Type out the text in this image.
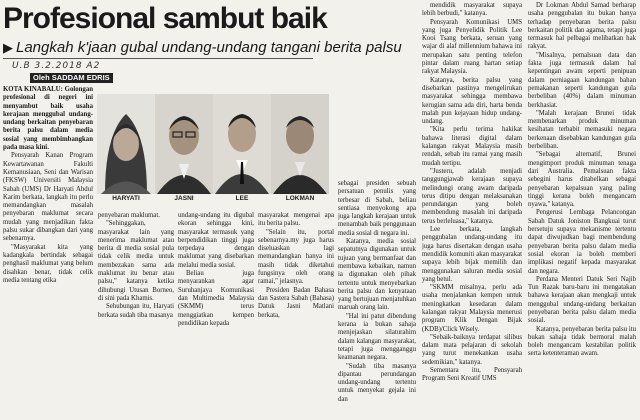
Profesional sambut baik
▶ Langkah k'jaan gubal undang-undang tangani berita palsu
U.B 3.2.2018 A2
Oleh SADDAM EDRIS
HARYATI	JASNI	LEE	LOKMAN

KOTA KINABALU: Golongan profesional di negeri ini menyambut baik usaha kerajaan menggubal undang-undang berkaitan penyebaran berita palsu dalam media sosial yang membimbangkan pada masa kini.

Pensyarah Kanan Program Kewartawanan Fakulti Kemanusiaan, Seni dan Warisan (FKSW) Universiti Malaysia Sabah (UMS) Dr Haryati Abdul Karim berkata, langkah itu perlu memandangkan masalah penyebaran maklumat secara mudah yang menjadikan fakta palsu sukar dibangkan dari yang sebenarnya.

"Masyarakat kita yang kadangkala bertindak sebagai penghasil maklumat yang belum disahkan benar, tidak celik media tentang etika

penyebaran maklumat.

"Sehinggakan, masyarakat lain yang menerima maklumat atau berita di media sosial pula tidak celik media untuk membezakan sama ada maklumat itu benar atau palsu," katanya ketika dihubungi Utusan Borneo, di sini pada Khamis.

Sehubungan itu, Haryati berkata sudah tiba masanya

undang-undang itu digubal ekoran sehingga kini, masyarakat termasuk yang berpendidikan tinggi juga terpedaya dengan maklumat yang disebarkan melalui media sosial.

Beliau juga menyarankan agar Suruhanjaya Komunikasi dan Multimedia Malaysia (SKMM) terus menggiatkan kempen pendidikan kepada

masyarakat mengenai apa itu berita palsu.

"Selain itu, portal sebenarnya.my juga harus diseluaskan lagi memandangkan hanya ini masih tidak diketahui fungsinya oleh orang ramai," jelasnya.

Presiden Badan Bahasa dan Sastera Sabah (Bahasa) Datuk Jasni Matlani berkata,

sebagai presiden sebuah persatuan penulis yang terbesar di Sabah, beliau sentiasa menyokong apa juga langkah kerajaan untuk menambah baik penggunaan media sosial di negara ini.

Katanya, media sosial sepatutnya digunakan untuk tujuan yang bermanfaat dan membawa kebaikan, namun ia digunakan oleh pihak tertentu untuk menyebarkan berita palsu dan kenyataan yang bertujuan menjatuhkan maruah orang lain.

"Hal ini patut dibendung kerana ia bukan sahaja menjejaskan silaturahim dalam kalangan masyarakat, tetapi juga mengganggu keamanan negara.

"Sudah tiba masanya dipantau perundangan undang-undang tertentu untuk menyekat gejala ini dan

mendidik masyarakat supaya lebih berbudi," katanya.

Pensyarah Komunikasi UMS yang juga Penyelidik Politik Lee Kooi Tsang berkata, seruan yang wajar di alaf millennium bahawa ini merupakan satu penting telefon pintar dalam ruang hartan setiap rakyat Malaysia.

Katanya, berita palsu yang disebarkan pastinya mengelirukan masyarakat sehingga membawa kerugian sama ada diri, harta benda malah pun kejayaan hidup undang-undang.

"Kita perlu terima hakikat bahawa literasi digital dalam kalangan rakyat Malaysia masih rendah, sebab itu ramai yang masih mudah tertipu.

"Justeru, adalah menjadi tanggungjawab kerajaan supaya melindungi orang awam daripada terus ditipu dengan melaksanakan perundangan yang boleh membendung masalah ini daripada terus berleluasa," katanya.

Lee berkata, langkah penggubalan undang-undang itu juga harus disertakan dengan usaha mendidik komuniti akan masyarakat supaya lebih bijak memilih dan menggunakan saluran media sosial yang betul.

"SKMM misalnya, perlu ada usaha menjalankan kempen untuk meningkatkan kesedaran dalam kalangan rakyat Malaysia menerusi program Klik Dengan Bijak (KDB)/Click Wisely.

"Sebaik-baiknya terdapat silibus dalam mata pelajaran di sekolah yang turut menekankan usaha sedemikian," katanya.

Sementara itu, Pensyarah Program Seni Kreatif UMS

Dr Lokman Abdul Samad berharap usaha penggubalan itu bukan hanya terhadap penyebaran berita palsu berkaitan politik dan agama, tetapi juga termasuk hal pelbagai melibatkan hak rakyat.

"Misalnya, pemalsuan data dan fakta juga termasuk dalam hal kepentingan awam seperti penipuan dalam perniagaan kandungan bahan pemakanan seperti kandungan gula berbeliban (40%) dalam minuman berkhasiat.

"Malah kerajaan Brunei tidak membenarkan produk minuman kesihatan terbabit memasuki negara berkenaan disebabkan kandungan gula berbeliban.

"Sebagai alternatif, Brunei mengimport produk minuman tenaga dari Australia. Pemalsuan fakta sebegini harus ditabelkan sebagai penyebaran kepalsuan yang paling tinggi kerana boleh mengancam nyawa," katanya.

Pengerusi Lembaga Pelancongan Sabah Datuk Joniston Bangkuai turut bersetuju supaya mekanisme tertentu dapat diwujudkan bagi membendung penyebaran berita palsu dalam media sosial ekoran ia boleh memberi implikasi negatif kepada masyarakat dan negara.

Perdana Menteri Datuk Seri Najib Tun Razak baru-baru ini mengatakan bahawa kerajaan akan mengkaji untuk menggubal undang-undang berkaitan penyebaran berita palsu dalam media sosial.

Katanya, penyebaran berita palsu itu bukan sahaja tidak bermoral malah boleh mengancam kestabilan politik serta ketenteraman awam.
